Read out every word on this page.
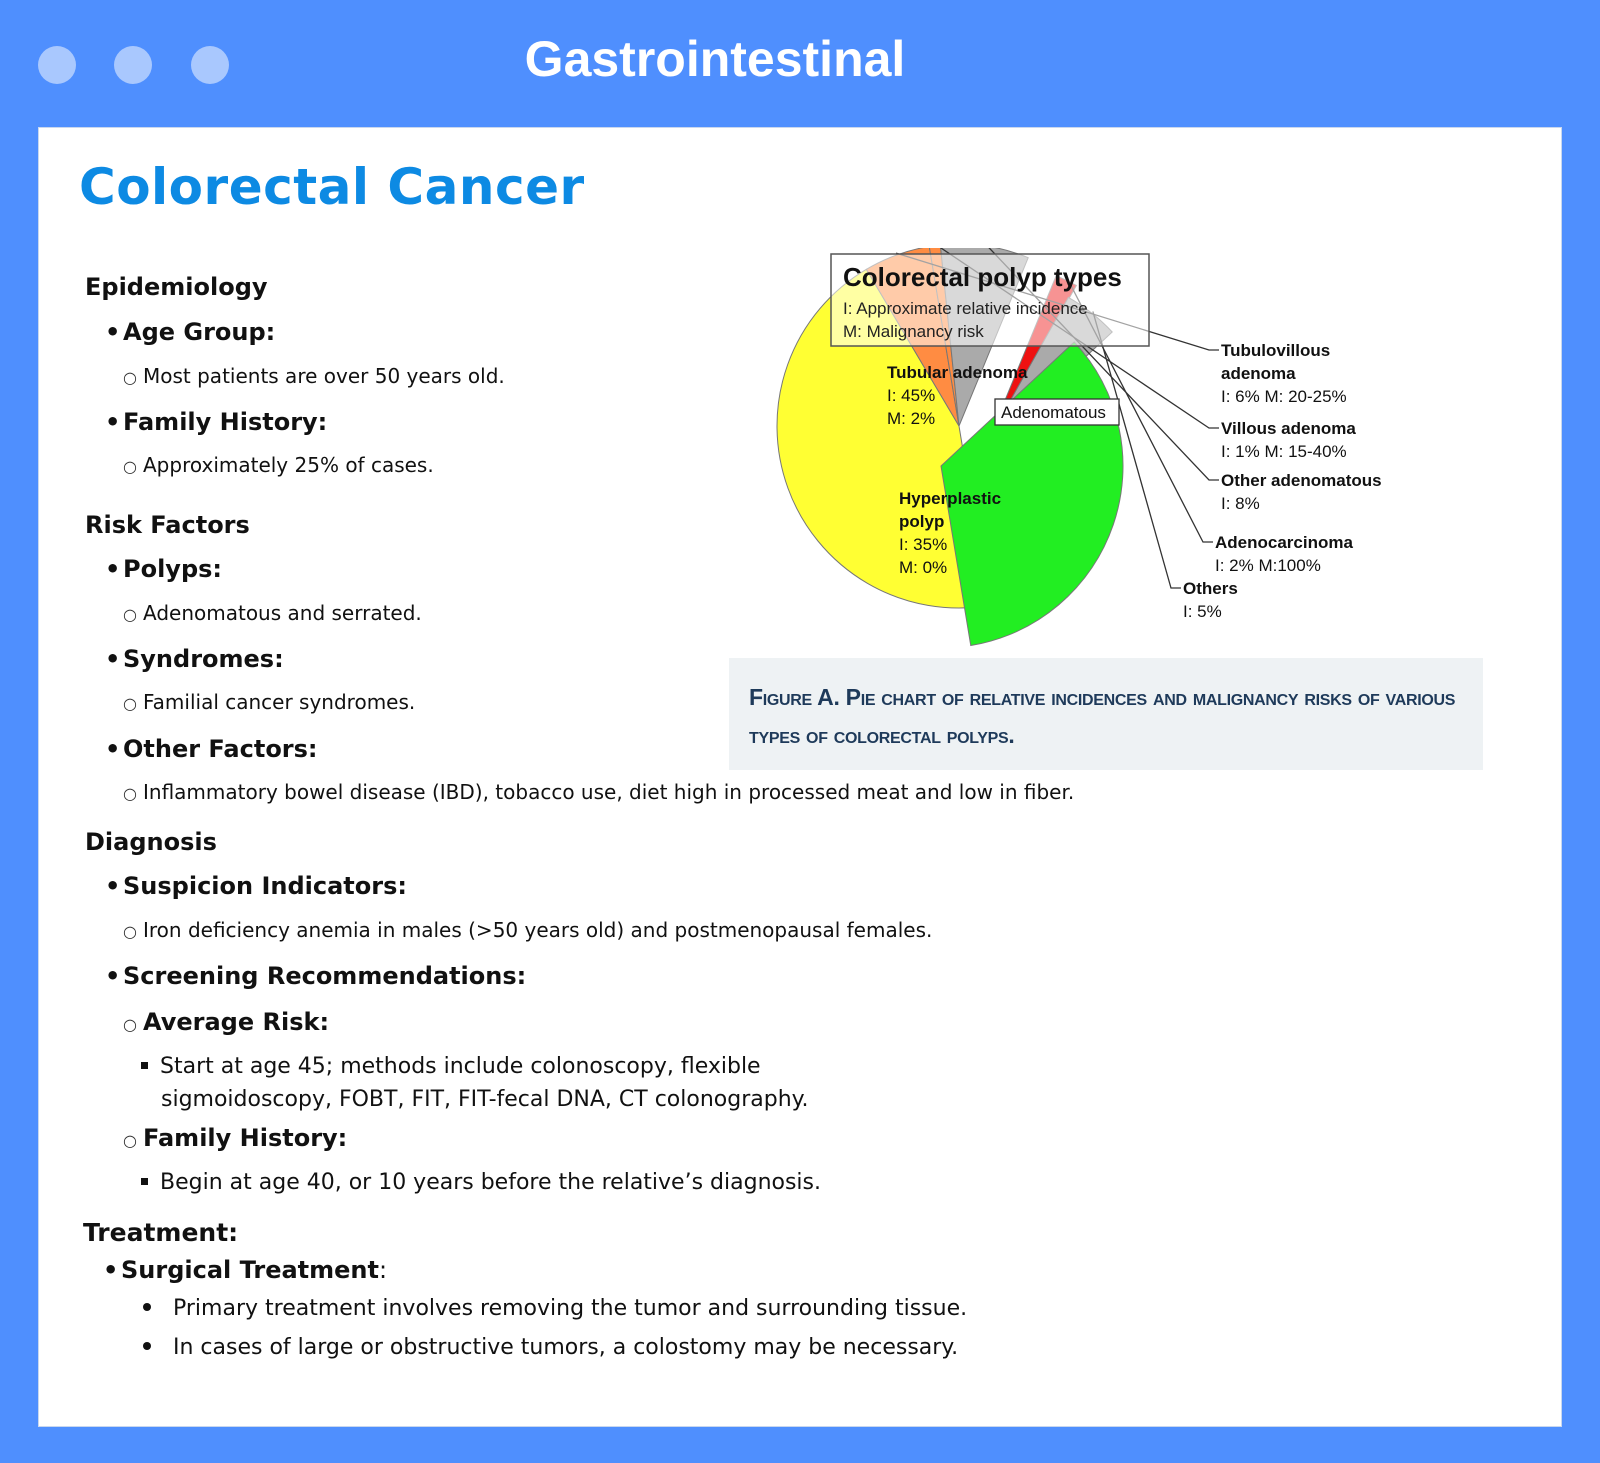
Gastrointestinal
Colorectal Cancer
Epidemiology
• Age Group:
○ Most patients are over 50 years old.
• Family History:
○ Approximately 25% of cases.
Risk Factors
• Polyps:
○ Adenomatous and serrated.
• Syndromes:
○ Familial cancer syndromes.
• Other Factors:
○ Inflammatory bowel disease (IBD), tobacco use, diet high in processed meat and low in fiber.
Diagnosis
• Suspicion Indicators:
○ Iron deficiency anemia in males (>50 years old) and postmenopausal females.
• Screening Recommendations:
○ Average Risk:
Start at age 45; methods include colonoscopy, flexible
sigmoidoscopy, FOBT, FIT, FIT-fecal DNA, CT colonography.
○ Family History:
Begin at age 40, or 10 years before the relative’s diagnosis.
Treatment:
• Surgical Treatment:
Primary treatment involves removing the tumor and surrounding tissue.
In cases of large or obstructive tumors, a colostomy may be necessary.
Tubular adenoma
I: 45%
M: 2%
Tubulovillous
adenoma
I: 6% M: 20-25%
Villous adenoma
I: 1% M: 15-40%
Other adenomatous
I: 8%
Adenocarcinoma
I: 2% M:100%
Others
I: 5%
Hyperplastic
polyp
I: 35%
M: 0%
Adenomatous
Colorectal polyp types
I: Approximate relative incidence
M: Malignancy risk
Figure A. Pie chart of relative incidences and malignancy risks of various types of colorectal polyps.
